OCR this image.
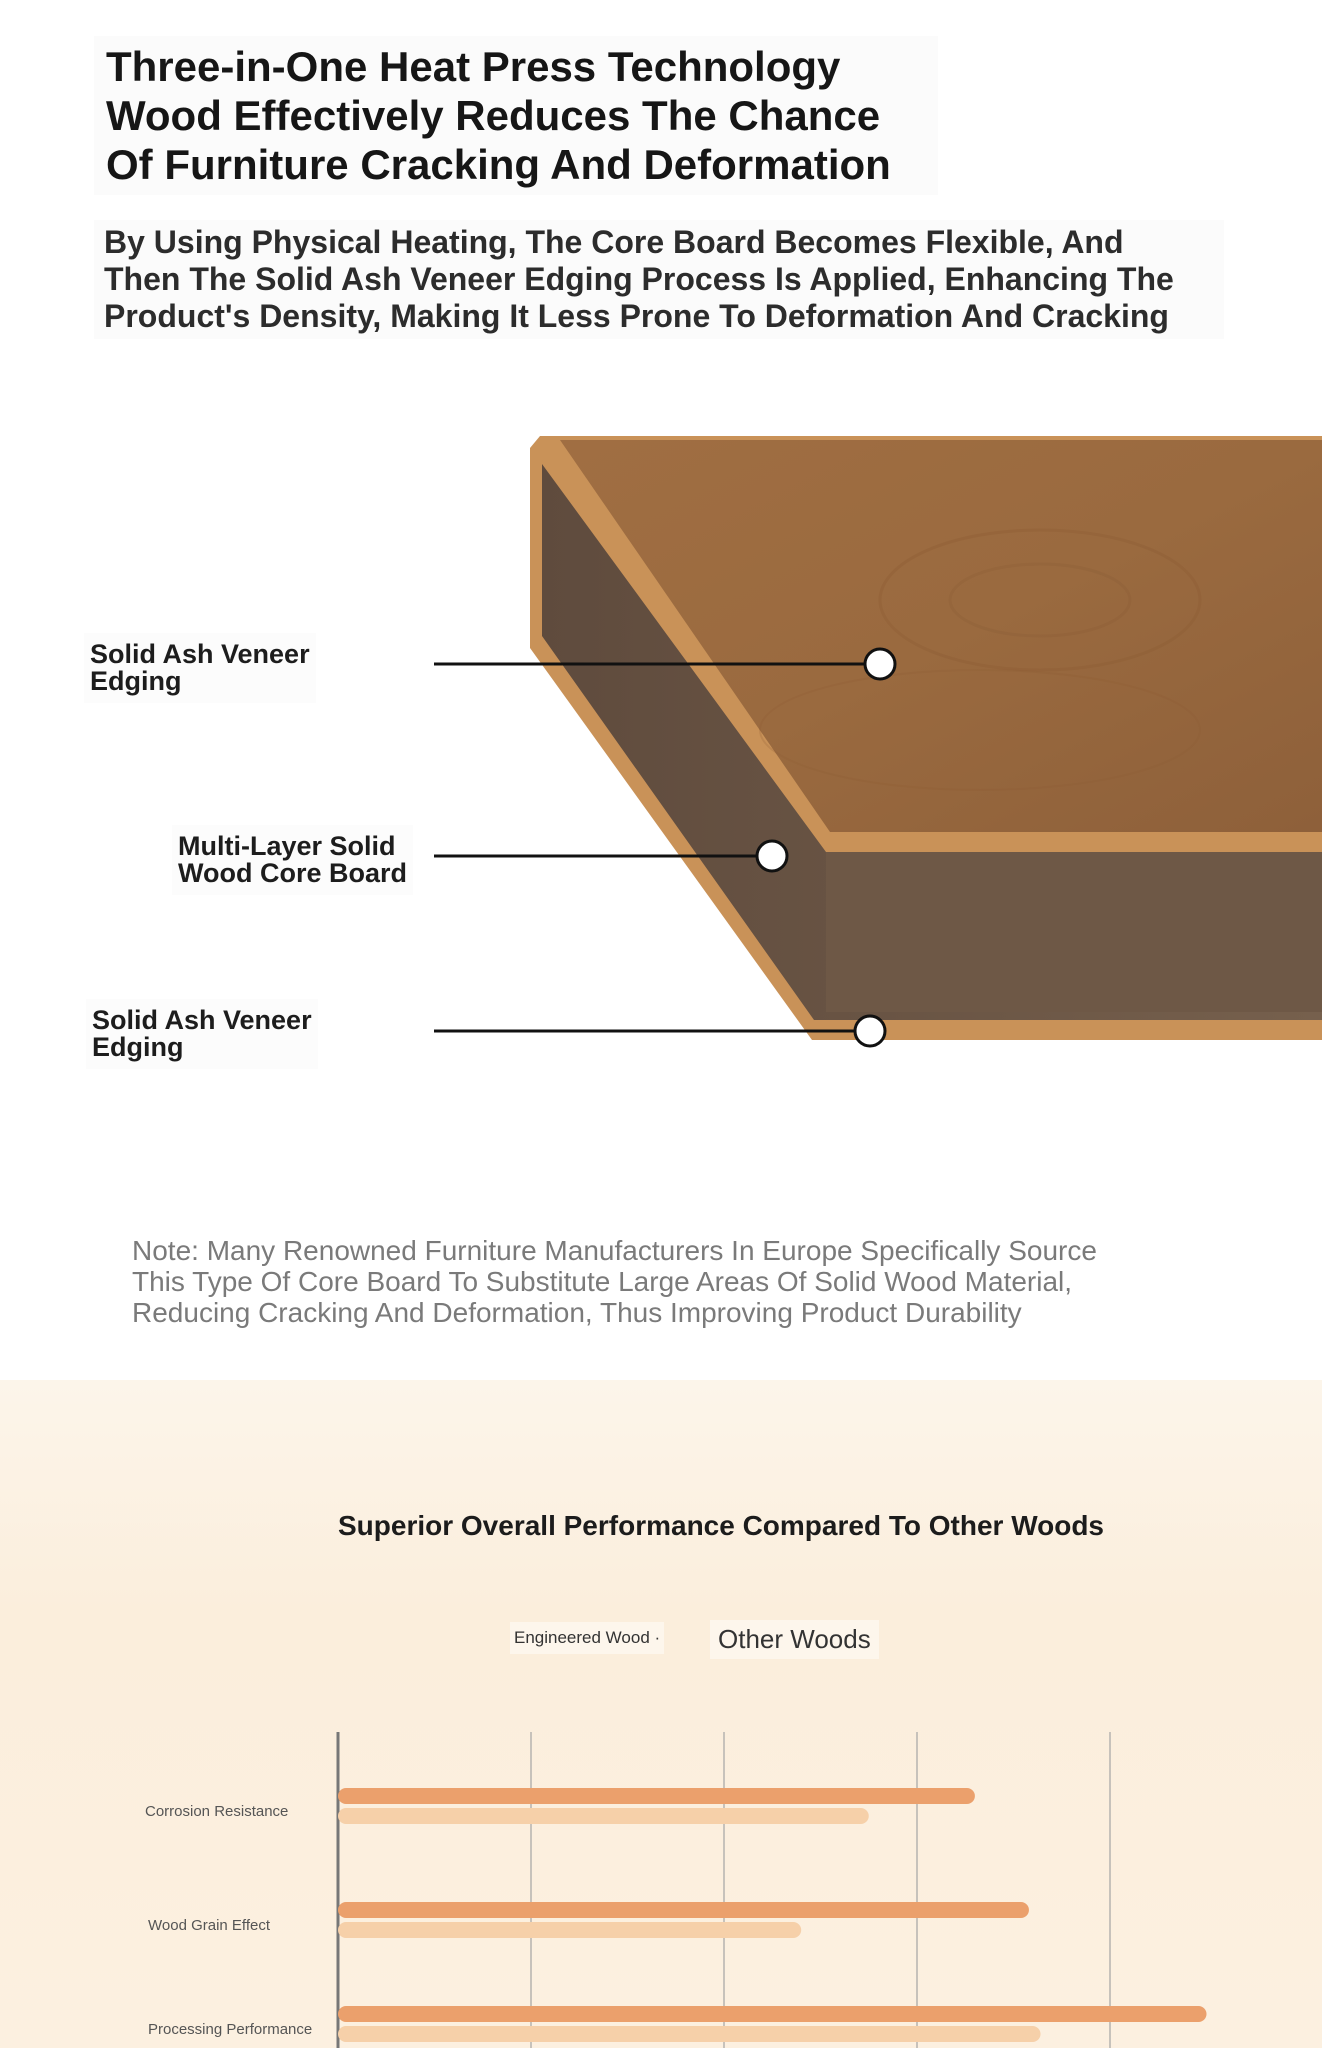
Three-in-One Heat Press Technology
Wood Effectively Reduces The Chance
Of Furniture Cracking And Deformation
By Using Physical Heating, The Core Board Becomes Flexible, And
Then The Solid Ash Veneer Edging Process Is Applied, Enhancing The
Product's Density, Making It Less Prone To Deformation And Cracking
Solid Ash Veneer
Edging
Multi-Layer Solid
Wood Core Board
Solid Ash Veneer
Edging
Note: Many Renowned Furniture Manufacturers In Europe Specifically Source
This Type Of Core Board To Substitute Large Areas Of Solid Wood Material,
Reducing Cracking And Deformation, Thus Improving Product Durability
Superior Overall Performance Compared To Other Woods
Engineered Wood ·	Other Woods
Corrosion Resistance
Wood Grain Effect
Processing Performance
